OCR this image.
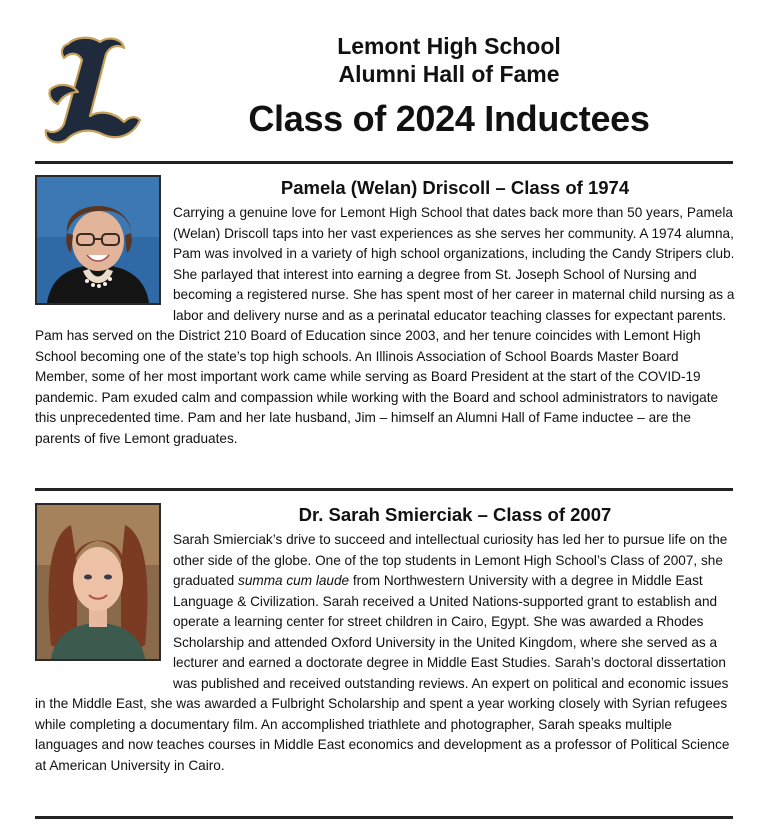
Lemont High School
Alumni Hall of Fame
Class of 2024 Inductees
Pamela (Welan) Driscoll – Class of 1974

Carrying a genuine love for Lemont High School that dates back more than 50 years, Pamela (Welan) Driscoll taps into her vast experiences as she serves her community. A 1974 alumna, Pam was involved in a variety of high school organizations, including the Candy Stripers club. She parlayed that interest into earning a degree from St. Joseph School of Nursing and becoming a registered nurse. She has spent most of her career in maternal child nursing as a labor and delivery nurse and as a perinatal educator teaching classes for expectant parents. Pam has served on the District 210 Board of Education since 2003, and her tenure coincides with Lemont High School becoming one of the state’s top high schools. An Illinois Association of School Boards Master Board Member, some of her most important work came while serving as Board President at the start of the COVID-19 pandemic. Pam exuded calm and compassion while working with the Board and school administrators to navigate this unprecedented time. Pam and her late husband, Jim – himself an Alumni Hall of Fame inductee – are the parents of five Lemont graduates.

Dr. Sarah Smierciak – Class of 2007

Sarah Smierciak’s drive to succeed and intellectual curiosity has led her to pursue life on the other side of the globe. One of the top students in Lemont High School’s Class of 2007, she graduated summa cum laude from Northwestern University with a degree in Middle East Language & Civilization. Sarah received a United Nations-supported grant to establish and operate a learning center for street children in Cairo, Egypt. She was awarded a Rhodes Scholarship and attended Oxford University in the United Kingdom, where she served as a lecturer and earned a doctorate degree in Middle East Studies. Sarah’s doctoral dissertation was published and received outstanding reviews. An expert on political and economic issues in the Middle East, she was awarded a Fulbright Scholarship and spent a year working closely with Syrian refugees while completing a documentary film. An accomplished triathlete and photographer, Sarah speaks multiple languages and now teaches courses in Middle East economics and development as a professor of Political Science at American University in Cairo.
